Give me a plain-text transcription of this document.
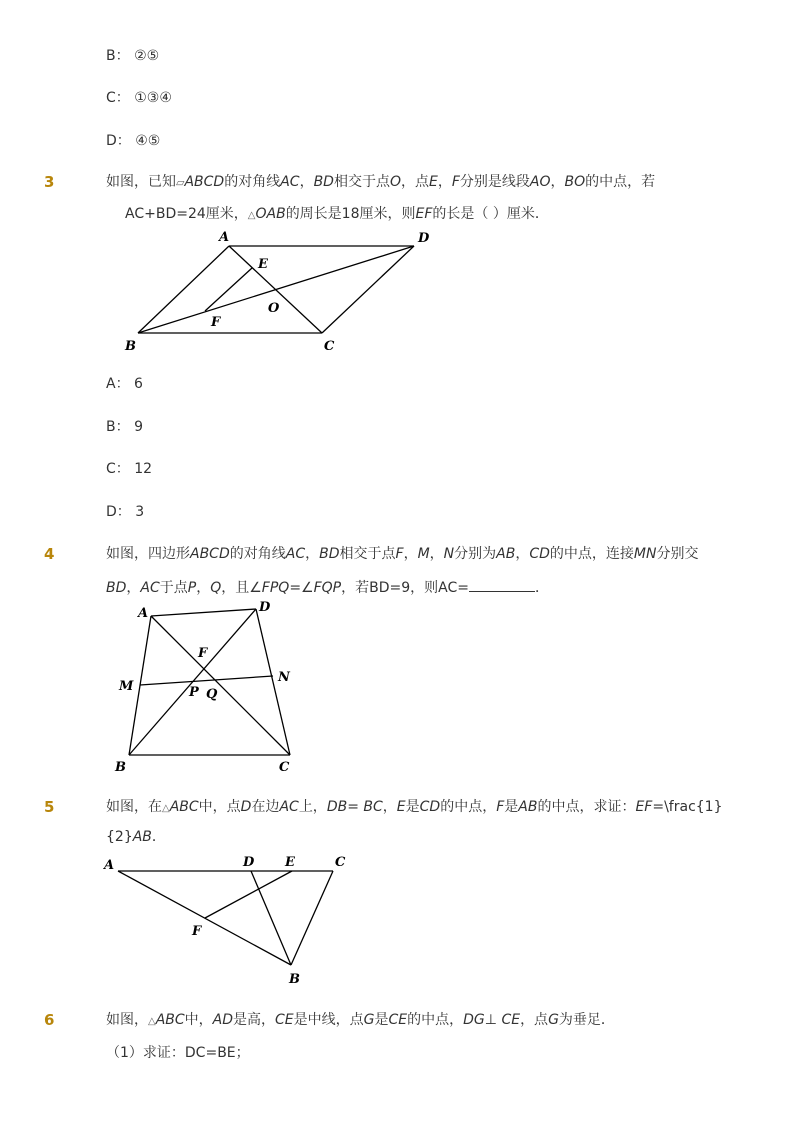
B： ②⑤
C： ①③④
D： ④⑤
3	如图，已知▱ABCD的对角线AC，BD相交于点O，点E，F分别是线段AO，BO的中点，若
AC+BD=24厘米，△OAB的周长是18厘米，则EF的长是（ ）厘米．
A	D
E
O
F
B	C
A： 6
B： 9
C： 12
D： 3
4	如图，四边形ABCD的对角线AC，BD相交于点F，M，N分别为AB，CD的中点，连接MN分别交
BD，AC于点P，Q，且∠FPQ=∠FQP，若BD=9，则AC=	．
A	D
F
M
N
P Q
B	C
5	如图，在△ABC中，点D在边AC上，DB= BC，E是CD的中点，F是AB的中点，求证：EF=\frac{1}
{2}AB．
A	D E	C
F
B
6	如图，△ABC中，AD是高，CE是中线，点G是CE的中点，DG⊥ CE，点G为垂足．
（1）求证：DC=BE；
